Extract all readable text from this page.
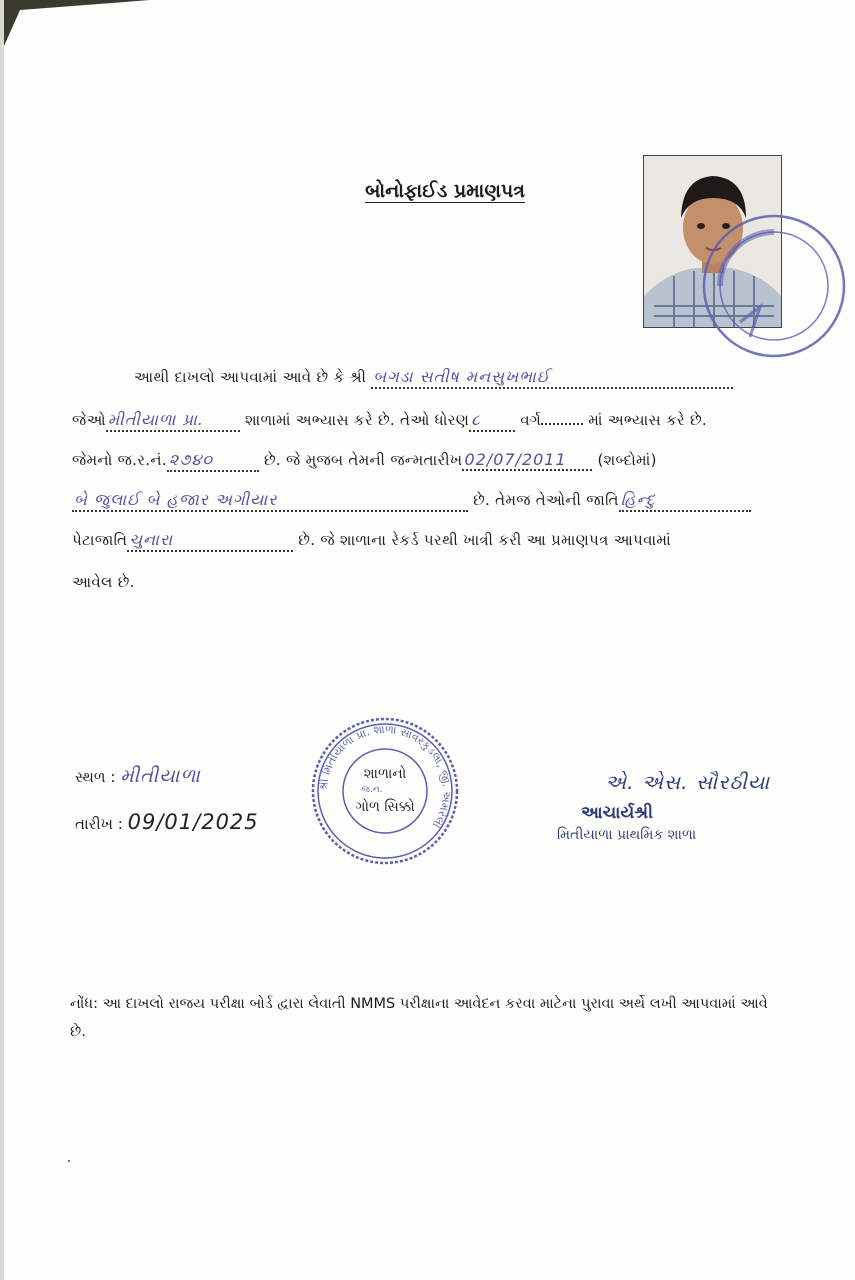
બોનોફાઈડ પ્રમાણપત્ર
આથી દાખલો આપવામાં આવે છે કે શ્રી બગડા સતીષ મનસુખભાઈ
જેઓ મીતીયાળા પ્રા.	શાળામાં અભ્યાસ કરે છે. તેઓ ધોરણ ૮	વર્ગ	માં અભ્યાસ કરે છે.
જેમનો જ.ર.નં. ૨૭૪૦	છે. જે મુજબ તેમની જન્મતારીખ 02/07/2011 (શબ્દોમાં)
બે જુલાઈ બે હજાર અગીયાર	છે. તેમજ તેઓની જાતિ હિન્દુ
પેટાજાતિ ચુનારા	છે. જે શાળાના રેકર્ડ પરથી ખાત્રી કરી આ પ્રમાણપત્ર આપવામાં
આવેલ છે.
સ્થળ : મીતીયાળા
તારીખ : 09/01/2025
શ્રી મિતીયાળા પ્રા. શાળા સાવરકુંડલા, જી. અમરેલી
શાળાનો
જ.ન.
ગોળ સિક્કો
એ. એસ. સૌરઠીયા
આચાર્યશ્રી
મિતીયાળા પ્રાથમિક શાળા
નોંધ: આ દાખલો રાજય પરીક્ષા બોર્ડ દ્વારા લેવાતી NMMS પરીક્ષાના આવેદન કરવા માટેના પુરાવા અર્થે લખી આપવામાં આવે છે.
